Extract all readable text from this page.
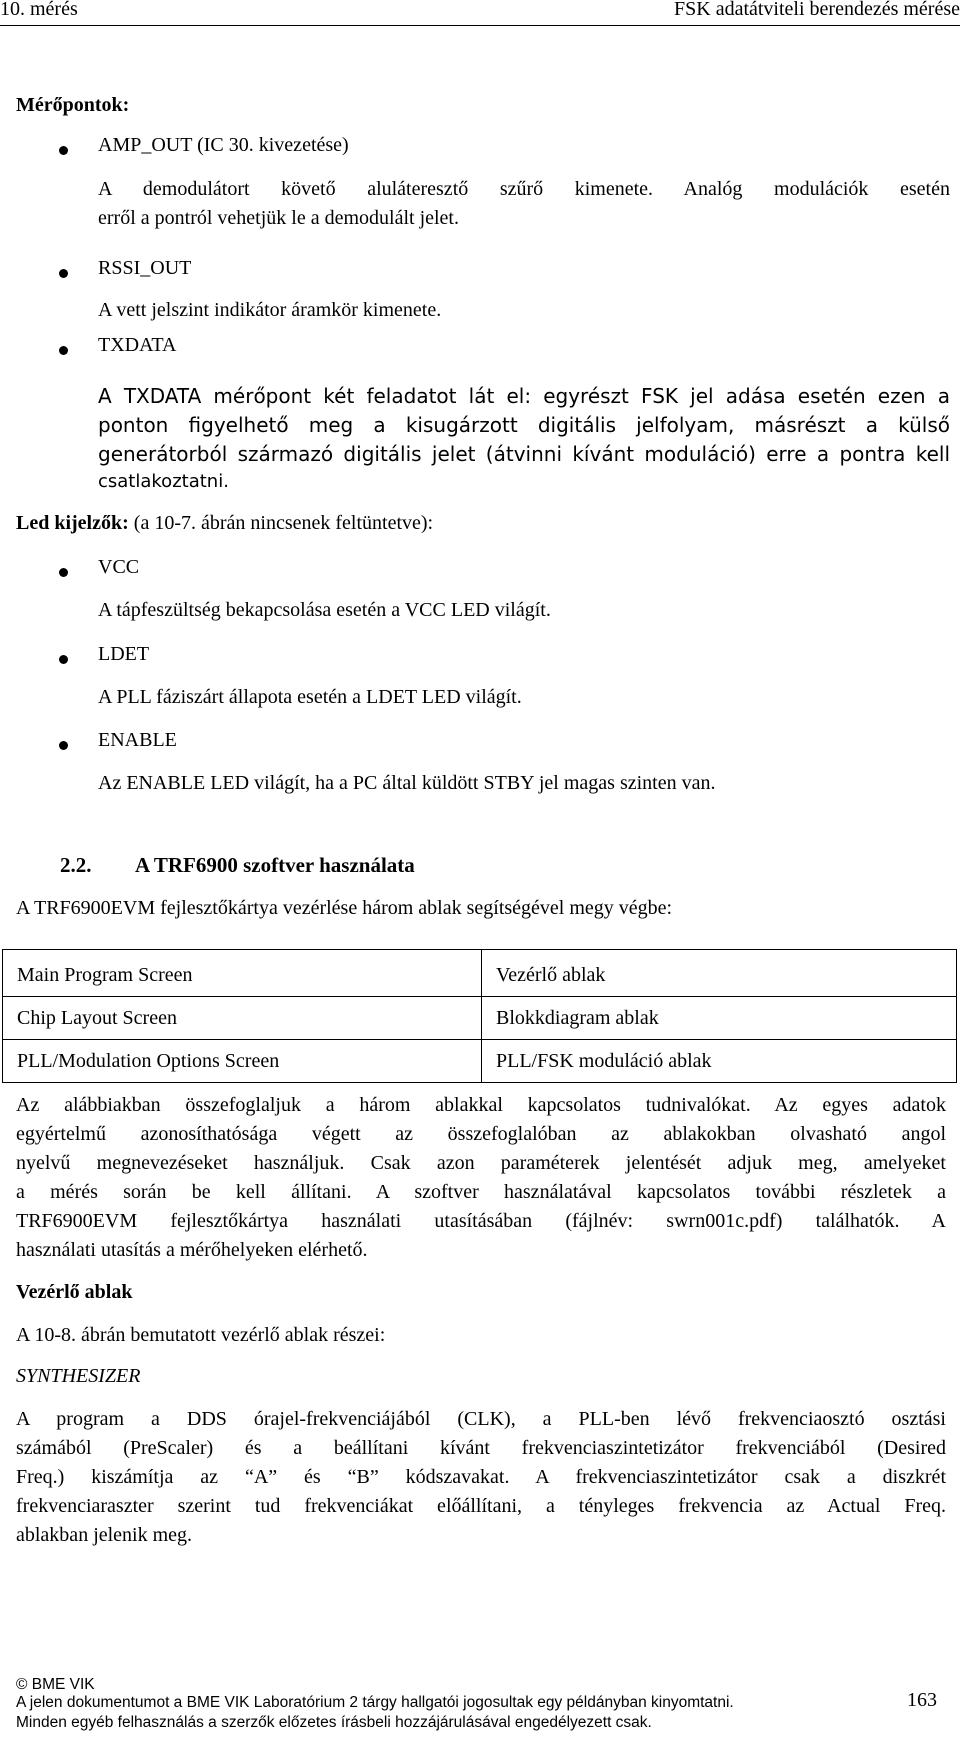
10. mérés	FSK adatátviteli berendezés mérése
Mérőpontok:
AMP_OUT (IC 30. kivezetése)
A demodulátort követő aluláteresztő szűrő kimenete. Analóg modulációk esetén
erről a pontról vehetjük le a demodulált jelet.
RSSI_OUT
A vett jelszint indikátor áramkör kimenete.
TXDATA
A TXDATA mérőpont két feladatot lát el: egyrészt FSK jel adása esetén ezen a
ponton figyelhető meg a kisugárzott digitális jelfolyam, másrészt a külső
generátorból származó digitális jelet (átvinni kívánt moduláció) erre a pontra kell
csatlakoztatni.
Led kijelzők: (a 10-7. ábrán nincsenek feltüntetve):
VCC
A tápfeszültség bekapcsolása esetén a VCC LED világít.
LDET
A PLL fáziszárt állapota esetén a LDET LED világít.
ENABLE
Az ENABLE LED világít, ha a PC által küldött STBY jel magas szinten van.
2.2. A TRF6900 szoftver használata
A TRF6900EVM fejlesztőkártya vezérlése három ablak segítségével megy végbe:
Main Program Screen	Vezérlő ablak
Chip Layout Screen	Blokkdiagram ablak
PLL/Modulation Options Screen	PLL/FSK moduláció ablak
Az alábbiakban összefoglaljuk a három ablakkal kapcsolatos tudnivalókat. Az egyes adatok
egyértelmű azonosíthatósága végett az összefoglalóban az ablakokban olvasható angol
nyelvű megnevezéseket használjuk. Csak azon paraméterek jelentését adjuk meg, amelyeket
a mérés során be kell állítani. A szoftver használatával kapcsolatos további részletek a
TRF6900EVM fejlesztőkártya használati utasításában (fájlnév: swrn001c.pdf) találhatók. A
használati utasítás a mérőhelyeken elérhető.
Vezérlő ablak
A 10-8. ábrán bemutatott vezérlő ablak részei:
SYNTHESIZER
A program a DDS órajel-frekvenciájából (CLK), a PLL-ben lévő frekvenciaosztó osztási
számából (PreScaler) és a beállítani kívánt frekvenciaszintetizátor frekvenciából (Desired
Freq.) kiszámítja az “A” és “B” kódszavakat. A frekvenciaszintetizátor csak a diszkrét
frekvenciaraszter szerint tud frekvenciákat előállítani, a tényleges frekvencia az Actual Freq.
ablakban jelenik meg.
© BME VIK
A jelen dokumentumot a BME VIK Laboratórium 2 tárgy hallgatói jogosultak egy példányban kinyomtatni.
Minden egyéb felhasználás a szerzők előzetes írásbeli hozzájárulásával engedélyezett csak.
163
